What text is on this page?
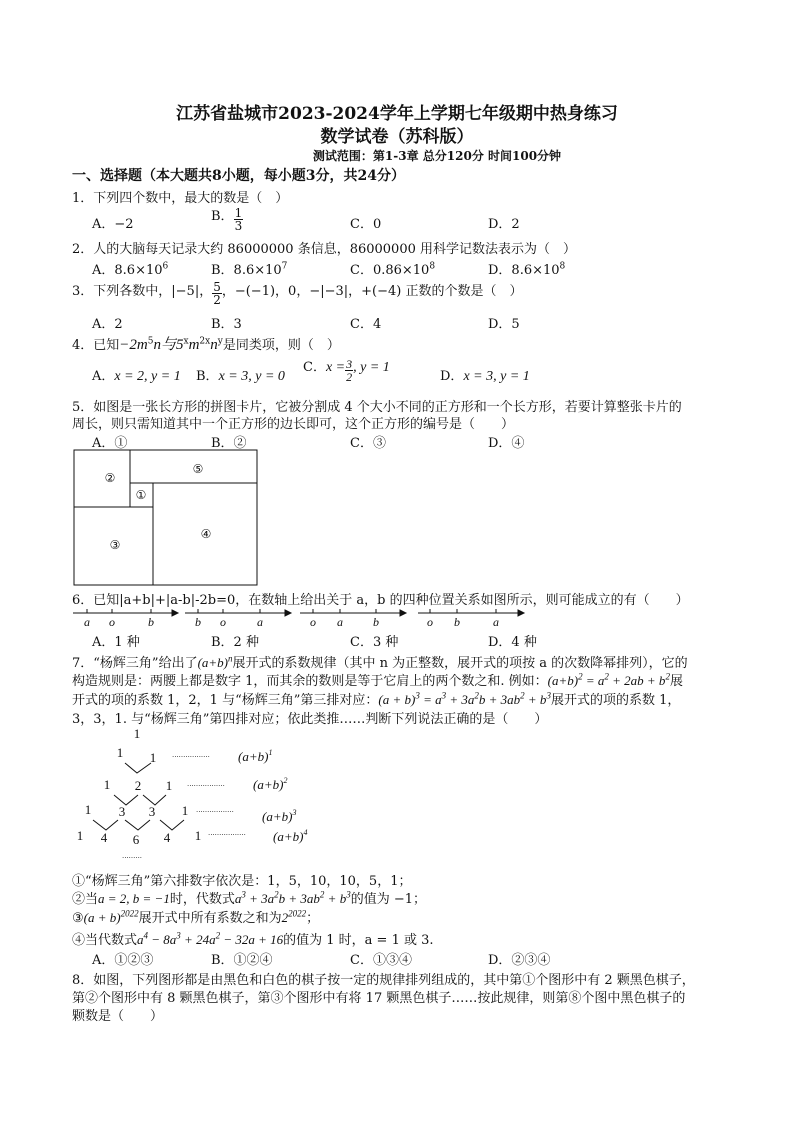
江苏省盐城市2023-2024学年上学期七年级期中热身练习
数学试卷（苏科版）
测试范围：第1-3章 总分120分 时间100分钟
一、选择题（本大题共8小题，每小题3分，共24分）
1．下列四个数中，最大的数是（　）
A．−2
B． $\frac{1}{3}$	C．0	D．2
2．人的大脑每天记录大约 86000000 条信息，86000000 用科学记数法表示为（　）
A．$8.6\times 10^6$	B．$8.6\times 10^7$	C．$0.86\times 10^8$	D．$8.6\times 10^8$
3．下列各数中，|−5|， $\frac{5}{2}$ ，−(−1)，0，−|−3|，+(−4) 正数的个数是（　）
A．2	B．3	C．4	D．5
4．已知$-2m^5n$与$5^xm^{2x}n^y$是同类项，则（　）
A．x = 2, y = 1 B．x = 3, y = 0
C．$x = \frac{3}{2}$ , y = 1
D．x = 3, y = 1
5．如图是一张长方形的拼图卡片，它被分割成 4 个大小不同的正方形和一个长方形，若要计算整张卡片的
周长，则只需知道其中一个正方形的边长即可，这个正方形的编号是（　　）
A．①	B．②	C．③	D．④
②
⑤
①
③
④
a o	b	b o	a	o a	b	o b	a
1
1 1
1 2 1
1 3 3 1
1 4 6 4 1
·················
·················
·················
·················
·········
$(a+b)^1$
$(a+b)^2$
$(a+b)^3$
$(a+b)^4$
6．已知|a+b|+|a-b|-2b=0，在数轴上给出关于 a，b 的四种位置关系如图所示，则可能成立的有（　　）
A．1 种	B．2 种	C．3 种	D．4 种
7．“杨辉三角”给出了$(a+b)^n$展开式的系数规律（其中 n 为正整数，展开式的项按 a 的次数降幂排列），它的
构造规则是：两腰上都是数字 1，而其余的数则是等于它肩上的两个数之和. 例如：$(a+b)^2 = a^2 + 2ab + b^2$展
开式的项的系数 1，2，1 与“杨辉三角”第三排对应：$(a + b)^3 = a^3 + 3a^2b + 3ab^2 + b^3$展开式的项的系数 1，
3，3，1. 与“杨辉三角”第四排对应；依此类推……判断下列说法正确的是（　　）
①“杨辉三角”第六排数字依次是：1，5，10，10，5，1；
②当a = 2, b = −1时，代数式$a^3 + 3a^2b + 3ab^2 + b^3$的值为 −1；
③(a + b)$^{2022}$展开式中所有系数之和为$2^{2022}$；
④当代数式$a^4 - 8a^3 + 24a^2 - 32a + 16$的值为 1 时，a = 1 或 3.
A．①②③	B．①②④	C．①③④	D．②③④
8．如图，下列图形都是由黑色和白色的棋子按一定的规律排列组成的，其中第①个图形中有 2 颗黑色棋子，
第②个图形中有 8 颗黑色棋子，第③个图形中有将 17 颗黑色棋子……按此规律，则第⑧个图中黑色棋子的
颗数是（　　）
